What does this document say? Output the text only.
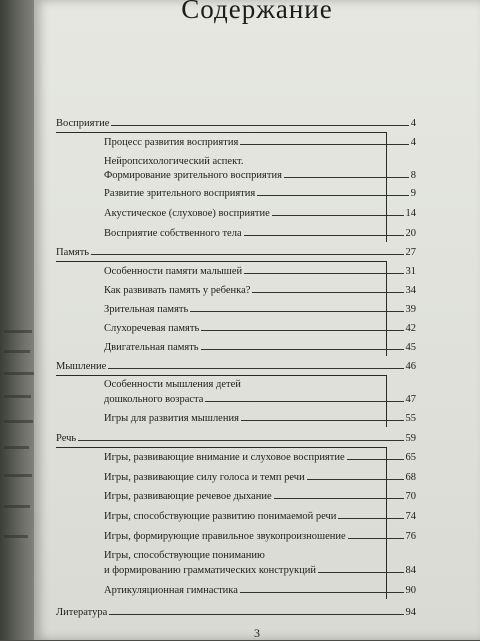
Содержание
Восприятие	4
Процесс развития восприятия	4
Нейропсихологический аспект.
Формирование зрительного восприятия	8
Развитие зрительного восприятия	9
Акустическое (слуховое) восприятие	14
Восприятие собственного тела	20
Память	27
Особенности памяти малышей	31
Как развивать память у ребенка?	34
Зрительная память	39
Слухоречевая память	42
Двигательная память	45
Мышление	46
Особенности мышления детей
дошкольного возраста	47
Игры для развития мышления	55
Речь	59
Игры, развивающие внимание и слуховое восприятие	65
Игры, развивающие силу голоса и темп речи	68
Игры, развивающие речевое дыхание	70
Игры, способствующие развитию понимаемой речи	74
Игры, формирующие правильное звукопроизношение	76
Игры, способствующие пониманию
и формированию грамматических конструкций	84
Артикуляционная гимнастика	90
Литература	94
3
